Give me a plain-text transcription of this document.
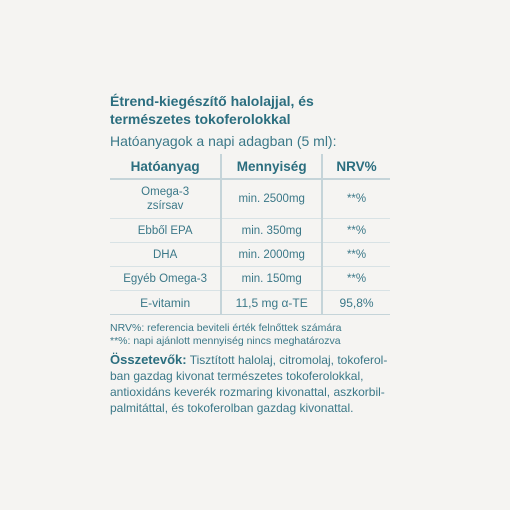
Étrend-kiegészítő halolajjal, és
természetes tokoferolokkal
Hatóanyagok a napi adagban (5 ml):
Hatóanyag	Mennyiség	NRV%

Omega-3
zsírsav	min. 2500mg	**%
Ebből EPA	min. 350mg	**%
DHA	min. 2000mg	**%
Egyéb Omega-3	min. 150mg	**%
E-vitamin	11,5 mg α-TE	95,8%
NRV%: referencia beviteli érték felnőttek számára
**%: napi ajánlott mennyiség nincs meghatározva
Összetevők: Tisztított halolaj, citromolaj, tokoferol-
ban gazdag kivonat természetes tokoferolokkal,
antioxidáns keverék rozmaring kivonattal, aszkorbil-
palmitáttal, és tokoferolban gazdag kivonattal.
